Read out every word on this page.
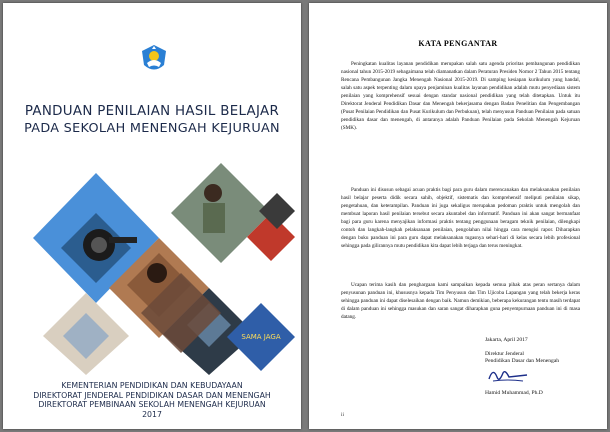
PANDUAN PENILAIAN HASIL BELAJAR
PADA SEKOLAH MENENGAH KEJURUAN
SAMA JAGA
KEMENTERIAN PENDIDIKAN DAN KEBUDAYAAN
DIREKTORAT JENDERAL PENDIDIKAN DASAR DAN MENENGAH
DIREKTORAT PEMBINAAN SEKOLAH MENENGAH KEJURUAN
2017
KATA PENGANTAR
Peningkatan kualitas layanan pendidikan merupakan salah satu agenda prioritas pembangunan pendidikan nasional tahun 2015-2019 sebagaimana telah diamanatkan dalam Peraturan Presiden Nomor 2 Tahun 2015 tentang Rencana Pembangunan Jangka Menengah Nasional 2015-2019. Di samping kesiapan kurikulum yang handal, salah satu aspek terpenting dalam upaya penjaminan kualitas layanan pendidikan adalah mutu penyediaan sistem penilaian yang komprehensif sesuai dengan standar nasional pendidikan yang telah ditetapkan. Untuk itu Direktorat Jenderal Pendidikan Dasar dan Menengah bekerjasama dengan Badan Penelitian dan Pengembangan (Pusat Penilaian Pendidikan dan Pusat Kurikulum dan Perbukuan), telah menyusun Panduan Penilaian pada satuan pendidikan dasar dan menengah, di antaranya adalah Panduan Penilaian pada Sekolah Menengah Kejuruan (SMK).
Panduan ini disusun sebagai acuan praktis bagi para guru dalam merencanakan dan melaksanakan penilaian hasil belajar peserta didik secara sahih, objektif, sistematis dan komprehensif meliputi penilaian sikap, pengetahuan, dan keterampilan. Panduan ini juga sekaligus merupakan pedoman praktis untuk mengolah dan membuat laporan hasil penilaian tersebut secara akuntabel dan informatif. Panduan ini akan sangat bermanfaat bagi para guru karena menyajikan informasi praktis tentang penggunaan beragam teknik penilaian, dilengkapi contoh dan langkah-langkah pelaksanaan penilaian, pengolahan nilai hingga cara mengisi rapor. Diharapkan dengan buku panduan ini para guru dapat melaksanakan tugasnya sehari-hari di kelas secara lebih profesional sehingga pada gilirannya mutu pendidikan kita dapat lebih terjaga dan terus meningkat.
Ucapan terima kasih dan penghargaan kami sampaikan kepada semua pihak atas peran sertanya dalam penyusunan panduan ini, khususnya kepada Tim Penyusun dan Tim Ujicoba Lapangan yang telah bekerja keras sehingga panduan ini dapat diselesaikan dengan baik. Namun demikian, beberapa kekurangan tentu masih terdapat di dalam panduan ini sehingga masukan dan saran sangat diharapkan guna penyempurnaan panduan ini di masa datang.
Jakarta, April 2017
Direktur Jenderal
Pendidikan Dasar dan Menengah
Hamid Muhammad, Ph.D
ii
